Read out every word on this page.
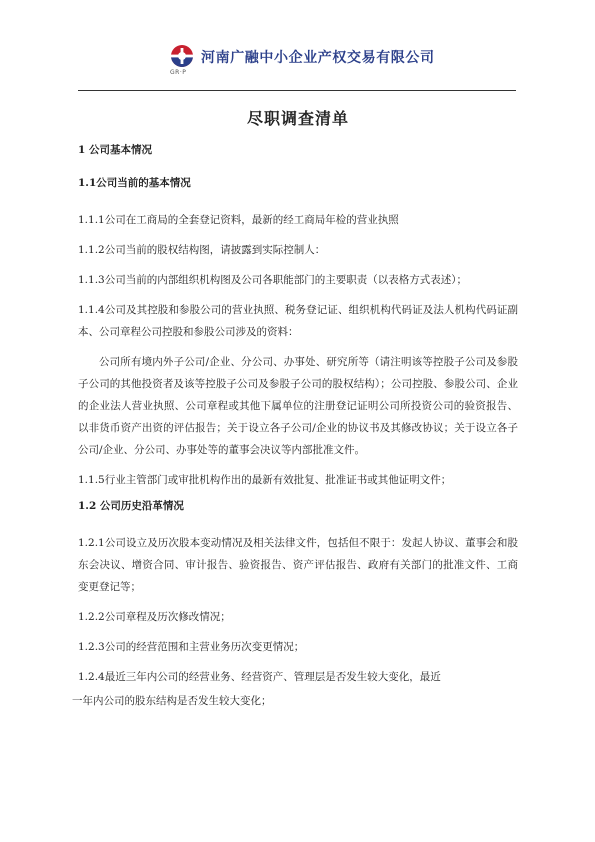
GR·P
河南广融中小企业产权交易有限公司
尽职调查清单
1 公司基本情况
1.1公司当前的基本情况

1.1.1公司在工商局的全套登记资料，最新的经工商局年检的营业执照

1.1.2公司当前的股权结构图，请披露到实际控制人：

1.1.3公司当前的内部组织机构图及公司各职能部门的主要职责（以表格方式表述）；

1.1.4公司及其控股和参股公司的营业执照、税务登记证、组织机构代码证及法人机构代码证副本、公司章程公司控股和参股公司涉及的资料：

公司所有境内外子公司/企业、分公司、办事处、研究所等（请注明该等控股子公司及参股子公司的其他投资者及该等控股子公司及参股子公司的股权结构）；公司控股、参股公司、企业的企业法人营业执照、公司章程或其他下属单位的注册登记证明公司所投资公司的验资报告、以非货币资产出资的评估报告；关于设立各子公司/企业的协议书及其修改协议；关于设立各子公司/企业、分公司、办事处等的董事会决议等内部批准文件。

1.1.5行业主管部门或审批机构作出的最新有效批复、批准证书或其他证明文件；

1.2 公司历史沿革情况

1.2.1公司设立及历次股本变动情况及相关法律文件，包括但不限于：发起人协议、董事会和股东会决议、增资合同、审计报告、验资报告、资产评估报告、政府有关部门的批准文件、工商变更登记等；

1.2.2公司章程及历次修改情况；

1.2.3公司的经营范围和主营业务历次变更情况；

1.2.4最近三年内公司的经营业务、经营资产、管理层是否发生较大变化，最近

一年内公司的股东结构是否发生较大变化；
